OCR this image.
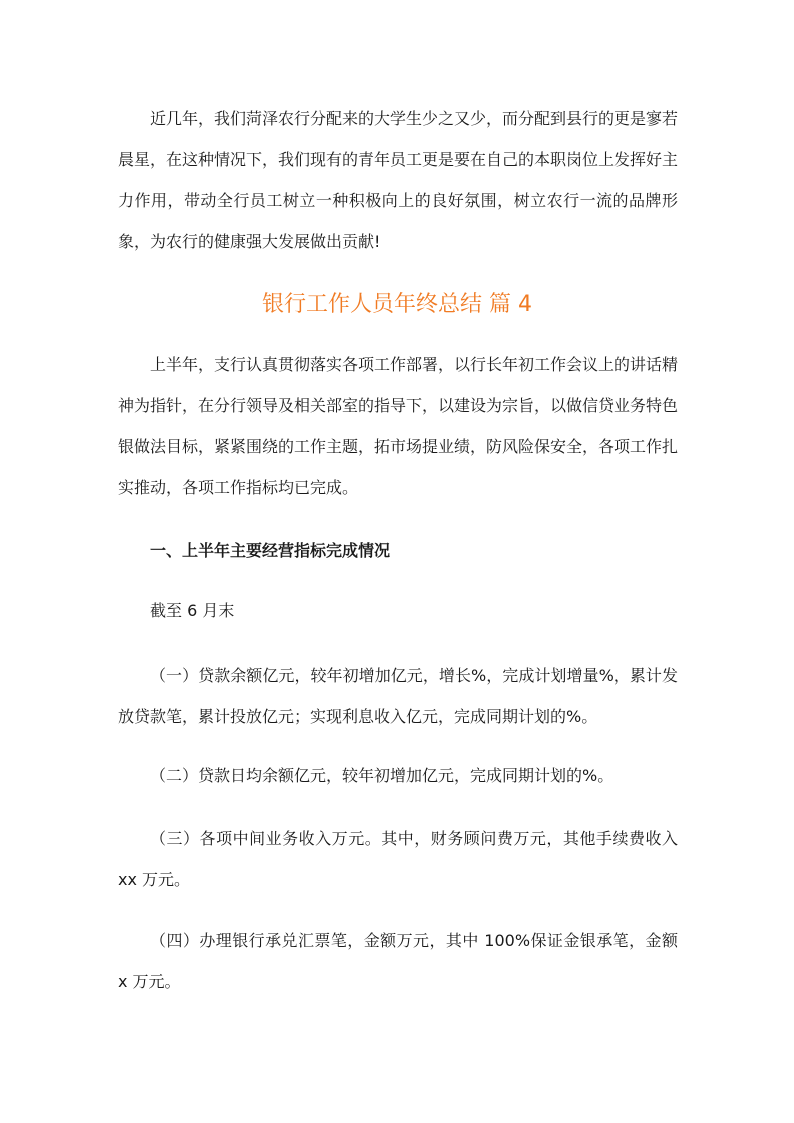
近几年，我们菏泽农行分配来的大学生少之又少，而分配到县行的更是寥若晨星，在这种情况下，我们现有的青年员工更是要在自己的本职岗位上发挥好主力作用，带动全行员工树立一种积极向上的良好氛围，树立农行一流的品牌形象，为农行的健康强大发展做出贡献!

银行工作人员年终总结 篇 4

上半年，支行认真贯彻落实各项工作部署，以行长年初工作会议上的讲话精神为指针，在分行领导及相关部室的指导下，以建设为宗旨，以做信贷业务特色银做法目标，紧紧围绕的工作主题，拓市场提业绩，防风险保安全，各项工作扎实推动，各项工作指标均已完成。

一、上半年主要经营指标完成情况

截至 6 月末

（一）贷款余额亿元，较年初增加亿元，增长%，完成计划增量%，累计发放贷款笔，累计投放亿元；实现利息收入亿元，完成同期计划的%。

（二）贷款日均余额亿元，较年初增加亿元，完成同期计划的%。

（三）各项中间业务收入万元。其中，财务顾问费万元，其他手续费收入 xx 万元。

（四）办理银行承兑汇票笔，金额万元，其中 100%保证金银承笔，金额 x 万元。
